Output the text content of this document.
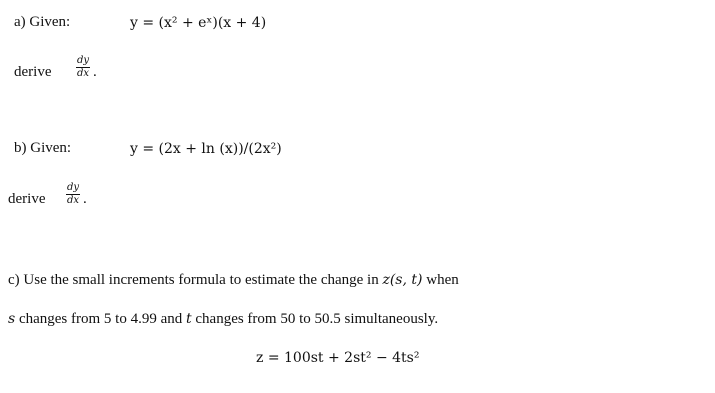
a) Given:	y = (x² + eˣ)(x + 4)
derive
dy
dx .
b) Given:	y = (2x + ln (x))/(2x²)
derive
dy
dx .
c) Use the small increments formula to estimate the change in z(s, t) when
s changes from 5 to 4.99 and t changes from 50 to 50.5 simultaneously.
z = 100st + 2st² − 4ts²
